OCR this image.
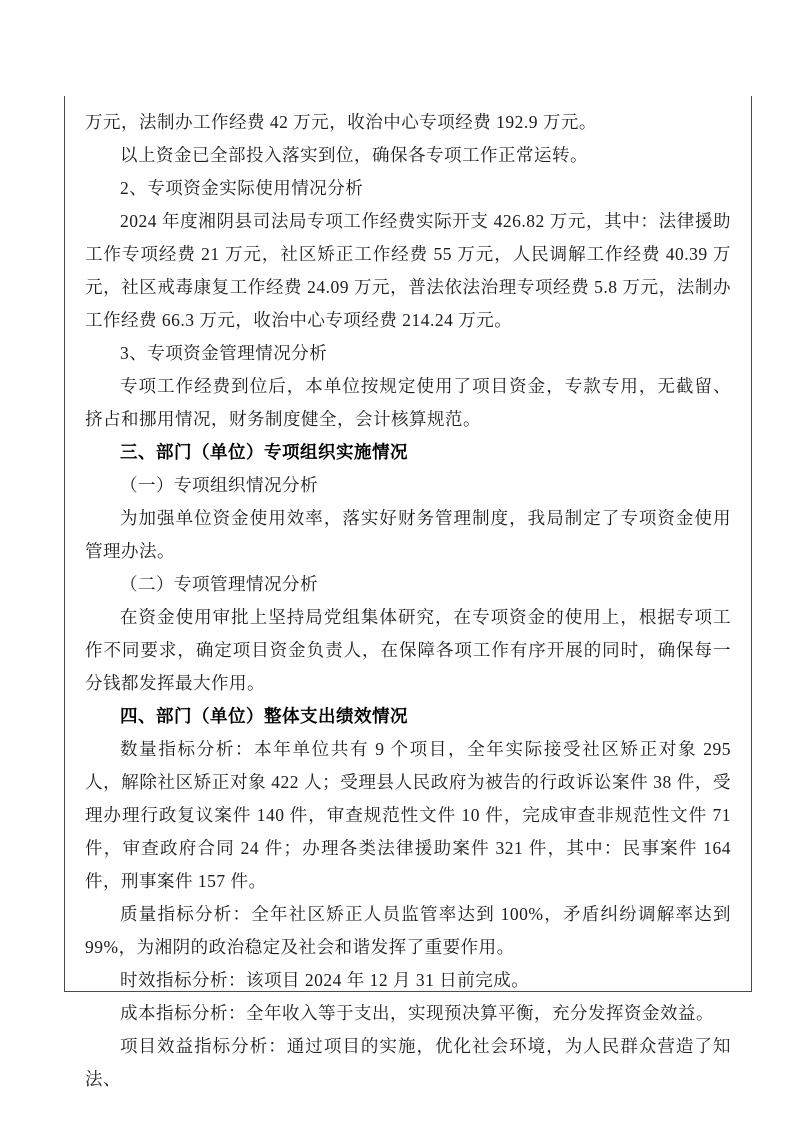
万元，法制办工作经费 42 万元，收治中心专项经费 192.9 万元。

以上资金已全部投入落实到位，确保各专项工作正常运转。

2、专项资金实际使用情况分析

2024 年度湘阴县司法局专项工作经费实际开支 426.82 万元，其中：法律援助工作专项经费 21 万元，社区矫正工作经费 55 万元，人民调解工作经费 40.39 万元，社区戒毒康复工作经费 24.09 万元，普法依法治理专项经费 5.8 万元，法制办工作经费 66.3 万元，收治中心专项经费 214.24 万元。

3、专项资金管理情况分析

专项工作经费到位后，本单位按规定使用了项目资金，专款专用，无截留、挤占和挪用情况，财务制度健全，会计核算规范。

三、部门（单位）专项组织实施情况

（一）专项组织情况分析

为加强单位资金使用效率，落实好财务管理制度，我局制定了专项资金使用管理办法。

（二）专项管理情况分析

在资金使用审批上坚持局党组集体研究，在专项资金的使用上，根据专项工作不同要求，确定项目资金负责人，在保障各项工作有序开展的同时，确保每一分钱都发挥最大作用。

四、部门（单位）整体支出绩效情况

数量指标分析：本年单位共有 9 个项目，全年实际接受社区矫正对象 295 人，解除社区矫正对象 422 人；受理县人民政府为被告的行政诉讼案件 38 件，受理办理行政复议案件 140 件，审查规范性文件 10 件，完成审查非规范性文件 71 件，审查政府合同 24 件；办理各类法律援助案件 321 件，其中：民事案件 164 件，刑事案件 157 件。

质量指标分析：全年社区矫正人员监管率达到 100%，矛盾纠纷调解率达到 99%，为湘阴的政治稳定及社会和谐发挥了重要作用。

时效指标分析：该项目 2024 年 12 月 31 日前完成。

成本指标分析：全年收入等于支出，实现预决算平衡，充分发挥资金效益。

项目效益指标分析：通过项目的实施，优化社会环境，为人民群众营造了知法、
